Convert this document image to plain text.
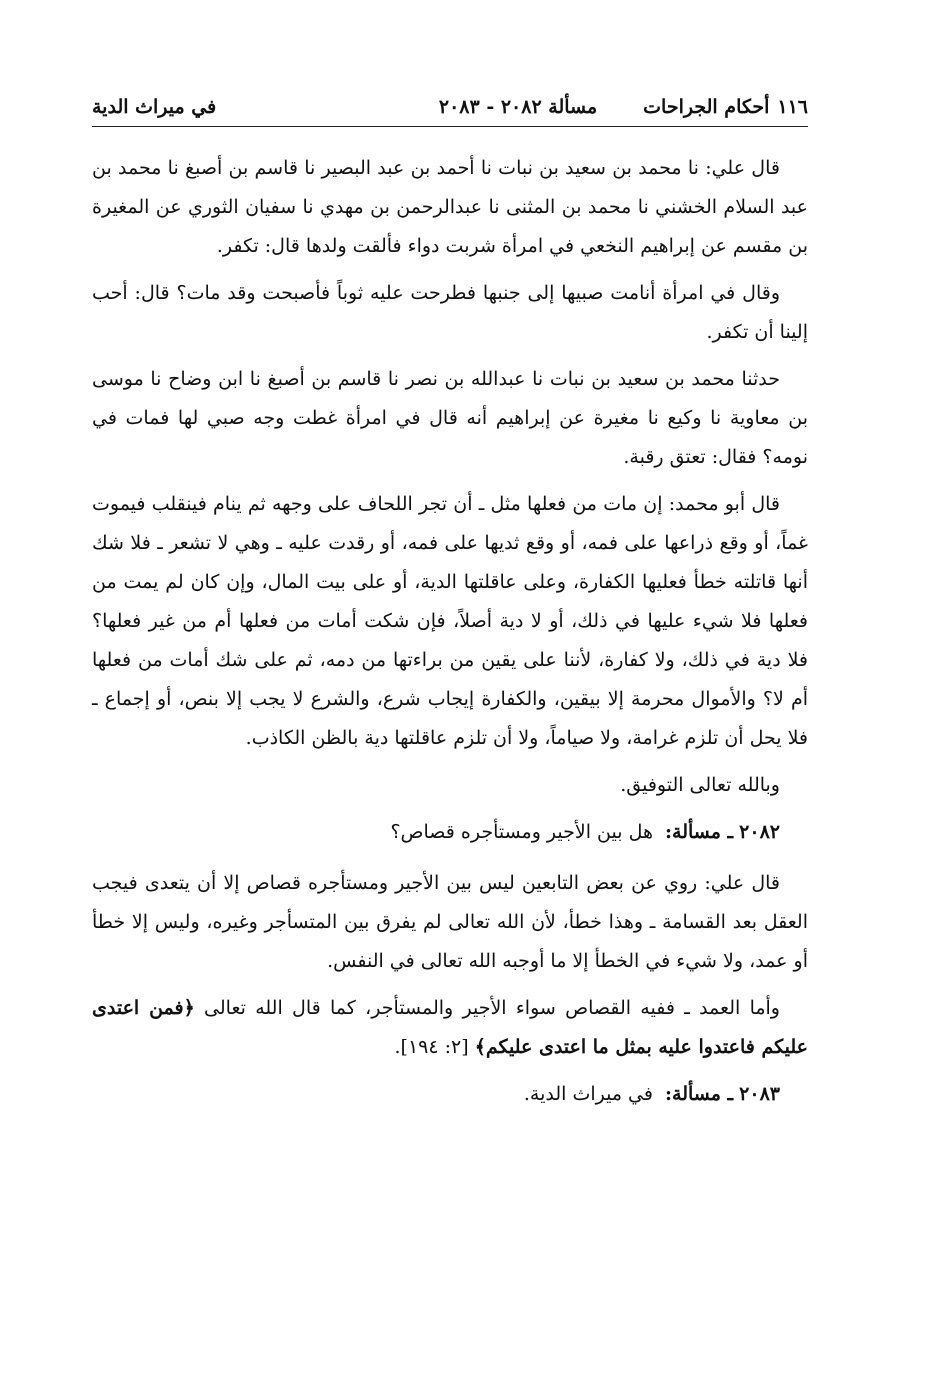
١١٦
أحكام الجراحات
مسألة ٢٠٨٢ - ٢٠٨٣
في ميراث الدية

قال علي: نا محمد بن سعيد بن نبات نا أحمد بن عبد البصير نا قاسم بن أصبغ نا محمد بن عبد السلام الخشني نا محمد بن المثنى نا عبدالرحمن بن مهدي نا سفيان الثوري عن المغيرة بن مقسم عن إبراهيم النخعي في امرأة شربت دواء فألقت ولدها قال: تكفر.

وقال في امرأة أنامت صبيها إلى جنبها فطرحت عليه ثوباً فأصبحت وقد مات؟ قال: أحب إلينا أن تكفر.

حدثنا محمد بن سعيد بن نبات نا عبدالله بن نصر نا قاسم بن أصبغ نا ابن وضاح نا موسى بن معاوية نا وكيع نا مغيرة عن إبراهيم أنه قال في امرأة غطت وجه صبي لها فمات في نومه؟ فقال: تعتق رقبة.

قال أبو محمد: إن مات من فعلها مثل ـ أن تجر اللحاف على وجهه ثم ينام فينقلب فيموت غماً، أو وقع ذراعها على فمه، أو وقع ثديها على فمه، أو رقدت عليه ـ وهي لا تشعر ـ فلا شك أنها قاتلته خطأ فعليها الكفارة، وعلى عاقلتها الدية، أو على بيت المال، وإن كان لم يمت من فعلها فلا شيء عليها في ذلك، أو لا دية أصلاً، فإن شكت أمات من فعلها أم من غير فعلها؟ فلا دية في ذلك، ولا كفارة، لأننا على يقين من براءتها من دمه، ثم على شك أمات من فعلها أم لا؟ والأموال محرمة إلا بيقين، والكفارة إيجاب شرع، والشرع لا يجب إلا بنص، أو إجماع ـ فلا يحل أن تلزم غرامة، ولا صياماً، ولا أن تلزم عاقلتها دية بالظن الكاذب.

وبالله تعالى التوفيق.

٢٠٨٢ ـ مسألة: هل بين الأجير ومستأجره قصاص؟

قال علي: روي عن بعض التابعين ليس بين الأجير ومستأجره قصاص إلا أن يتعدى فيجب العقل بعد القسامة ـ وهذا خطأ، لأن الله تعالى لم يفرق بين المتسأجر وغيره، وليس إلا خطأ أو عمد، ولا شيء في الخطأ إلا ما أوجبه الله تعالى في النفس.

وأما العمد ـ ففيه القصاص سواء الأجير والمستأجر، كما قال الله تعالى ﴿فمن اعتدى عليكم فاعتدوا عليه بمثل ما اعتدى عليكم﴾ [٢: ١٩٤].

٢٠٨٣ ـ مسألة: في ميراث الدية.
